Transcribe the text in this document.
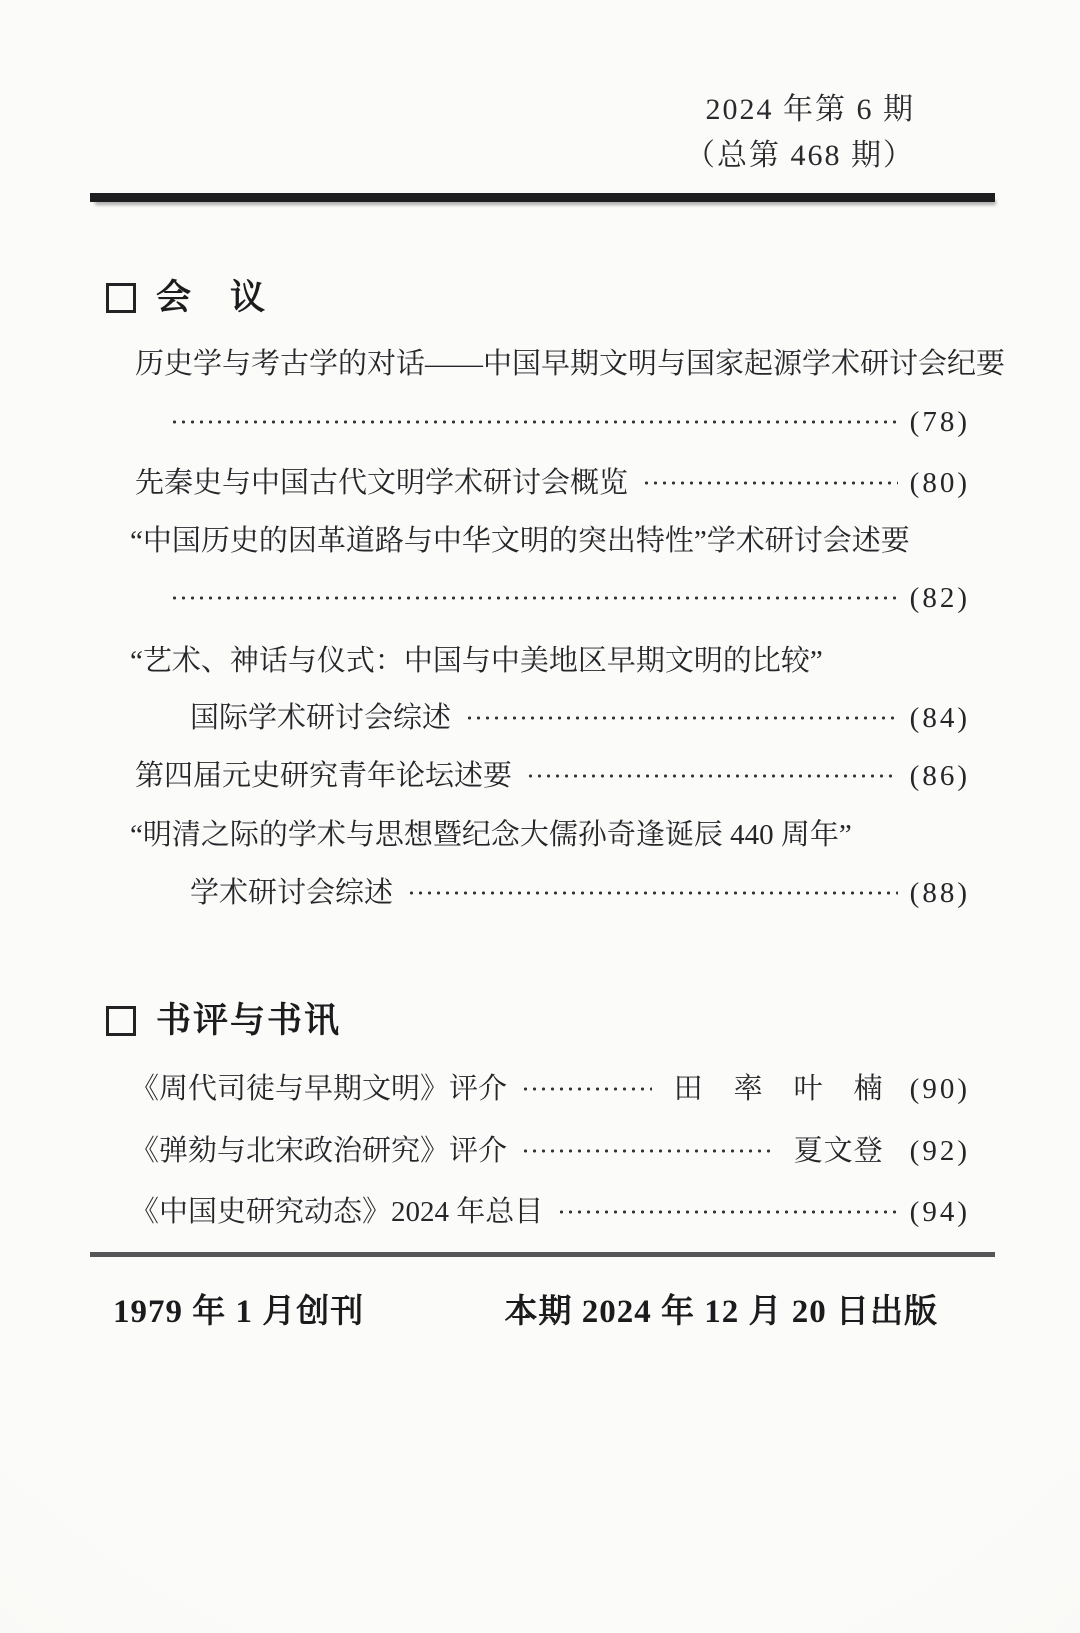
2024 年第 6 期
（总第 468 期）
会　议
历史学与考古学的对话——中国早期文明与国家起源学术研讨会纪要
(78)
先秦史与中国古代文明学术研讨会概览	(80)
“中国历史的因革道路与中华文明的突出特性”学术研讨会述要
(82)
“艺术、神话与仪式：中国与中美地区早期文明的比较”
国际学术研讨会综述	(84)
第四届元史研究青年论坛述要	(86)
“明清之际的学术与思想暨纪念大儒孙奇逢诞辰 440 周年”
学术研讨会综述	(88)
书评与书讯
《周代司徒与早期文明》评介	田　率　叶　楠 (90)
《弹劾与北宋政治研究》评介	夏文登 (92)
《中国史研究动态》2024 年总目	(94)
1979 年 1 月创刊	本期 2024 年 12 月 20 日出版
